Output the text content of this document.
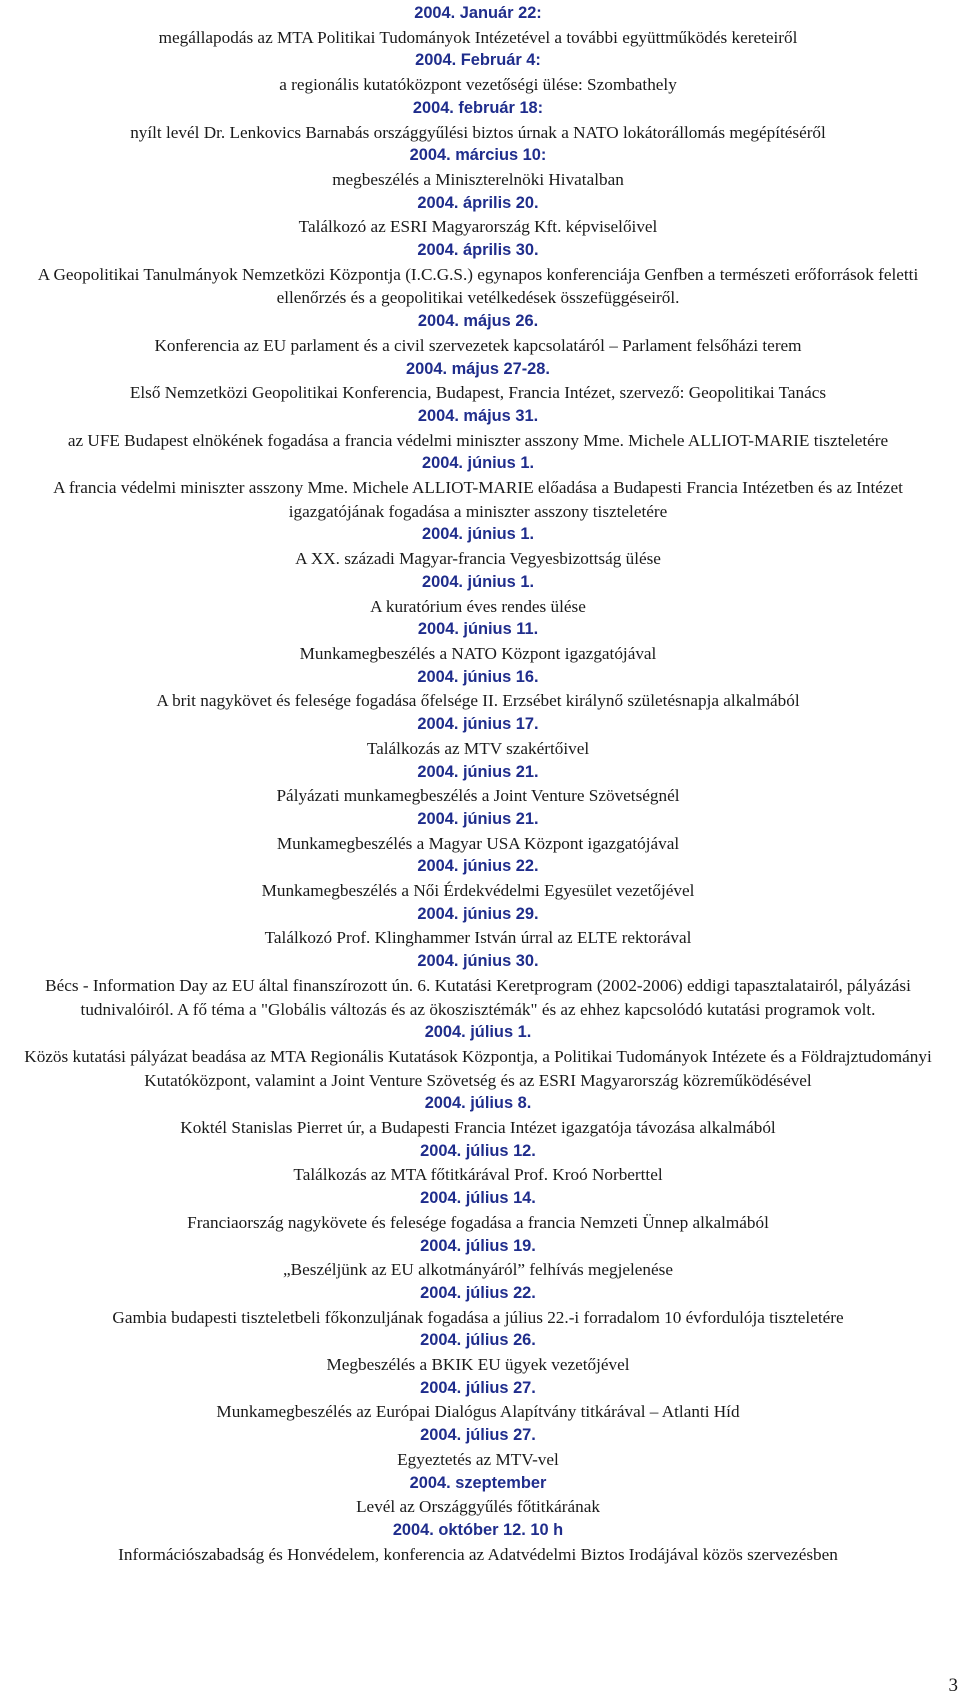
2004. Január 22:
megállapodás az MTA Politikai Tudományok Intézetével a további együttműködés kereteiről
2004. Február 4:
a regionális kutatóközpont vezetőségi ülése: Szombathely
2004. február 18:
nyílt levél Dr. Lenkovics Barnabás országgyűlési biztos úrnak a NATO lokátorállomás megépítéséről
2004. március 10:
megbeszélés a Miniszterelnöki Hivatalban
2004. április 20.
Találkozó az ESRI Magyarország Kft. képviselőivel
2004. április 30.
A Geopolitikai Tanulmányok Nemzetközi Központja (I.C.G.S.) egynapos konferenciája Genfben a természeti erőforrások feletti ellenőrzés és a geopolitikai vetélkedések összefüggéseiről.
2004. május 26.
Konferencia az EU parlament és a civil szervezetek kapcsolatáról – Parlament felsőházi terem
2004. május 27-28.
Első Nemzetközi Geopolitikai Konferencia, Budapest, Francia Intézet, szervező: Geopolitikai Tanács
2004. május 31.
az UFE Budapest elnökének fogadása a francia védelmi miniszter asszony Mme. Michele ALLIOT-MARIE tiszteletére
2004. június 1.
A francia védelmi miniszter asszony Mme. Michele ALLIOT-MARIE előadása a Budapesti Francia Intézetben és az Intézet igazgatójának fogadása a miniszter asszony tiszteletére
2004. június 1.
A XX. századi Magyar-francia Vegyesbizottság ülése
2004. június 1.
A kuratórium éves rendes ülése
2004. június 11.
Munkamegbeszélés a NATO Központ igazgatójával
2004. június 16.
A brit nagykövet és felesége fogadása őfelsége II. Erzsébet királynő születésnapja alkalmából
2004. június 17.
Találkozás az MTV szakértőivel
2004. június 21.
Pályázati munkamegbeszélés a Joint Venture Szövetségnél
2004. június 21.
Munkamegbeszélés a Magyar USA Központ igazgatójával
2004. június 22.
Munkamegbeszélés a Női Érdekvédelmi Egyesület vezetőjével
2004. június 29.
Találkozó Prof. Klinghammer István úrral az ELTE rektorával
2004. június 30.
Bécs - Information Day az EU által finanszírozott ún. 6. Kutatási Keretprogram (2002-2006) eddigi tapasztalatairól, pályázási tudnivalóiról. A fő téma a "Globális változás és az ökoszisztémák" és az ehhez kapcsolódó kutatási programok volt.
2004. július 1.
Közös kutatási pályázat beadása az MTA Regionális Kutatások Központja, a Politikai Tudományok Intézete és a Földrajztudományi Kutatóközpont, valamint a Joint Venture Szövetség és az ESRI Magyarország közreműködésével
2004. július 8.
Koktél Stanislas Pierret úr, a Budapesti Francia Intézet igazgatója távozása alkalmából
2004. július 12.
Találkozás az MTA főtitkárával Prof. Kroó Norberttel
2004. július 14.
Franciaország nagykövete és felesége fogadása a francia Nemzeti Ünnep alkalmából
2004. július 19.
„Beszéljünk az EU alkotmányáról” felhívás megjelenése
2004. július 22.
Gambia budapesti tiszteletbeli főkonzuljának fogadása a július 22.-i forradalom 10 évfordulója tiszteletére
2004. július 26.
Megbeszélés a BKIK EU ügyek vezetőjével
2004. július 27.
Munkamegbeszélés az Európai Dialógus Alapítvány titkárával – Atlanti Híd
2004. július 27.
Egyeztetés az MTV-vel
2004. szeptember
Levél az Országgyűlés főtitkárának
2004. október 12. 10 h
Információszabadság és Honvédelem, konferencia az Adatvédelmi Biztos Irodájával közös szervezésben
3
